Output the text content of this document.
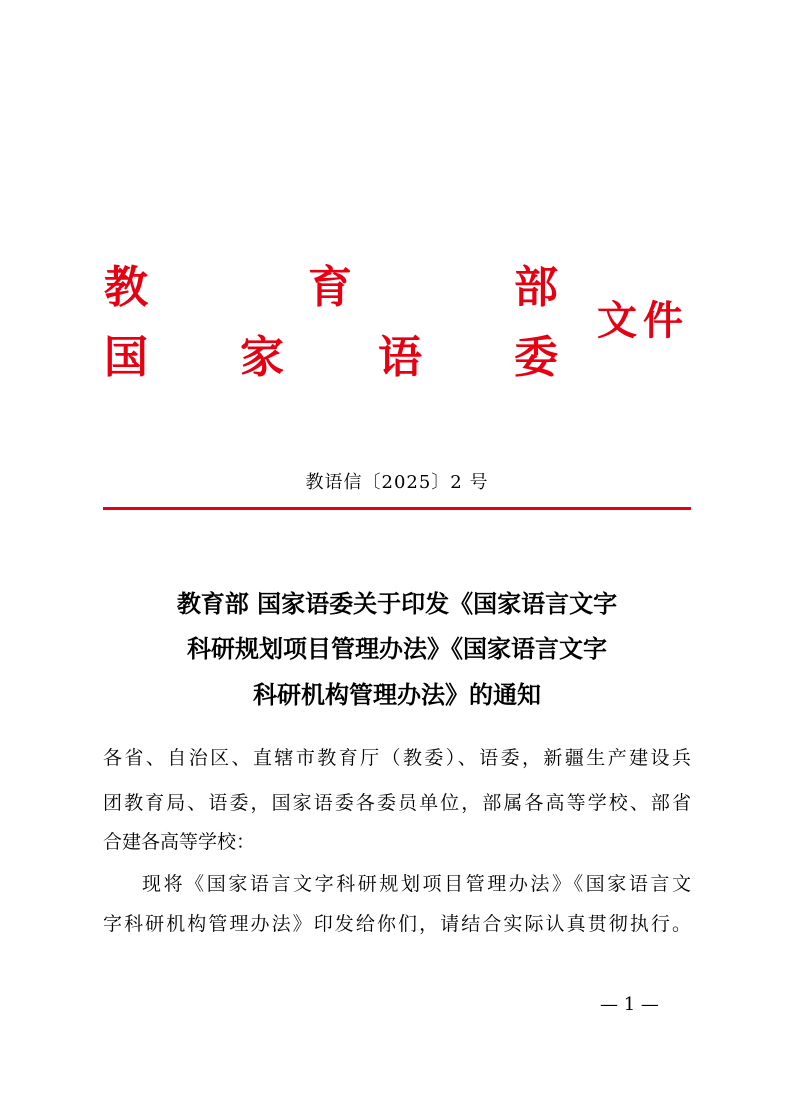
教	育	部
国 家 语 委
文件
教语信〔2025〕2 号
教育部 国家语委关于印发《国家语言文字
科研规划项目管理办法》《国家语言文字
科研机构管理办法》的通知
各省、自治区、直辖市教育厅（教委）、语委，新疆生产建设兵
团教育局、语委，国家语委各委员单位，部属各高等学校、部省
合建各高等学校：
现将《国家语言文字科研规划项目管理办法》《国家语言文
字科研机构管理办法》印发给你们，请结合实际认真贯彻执行。
— 1 —
